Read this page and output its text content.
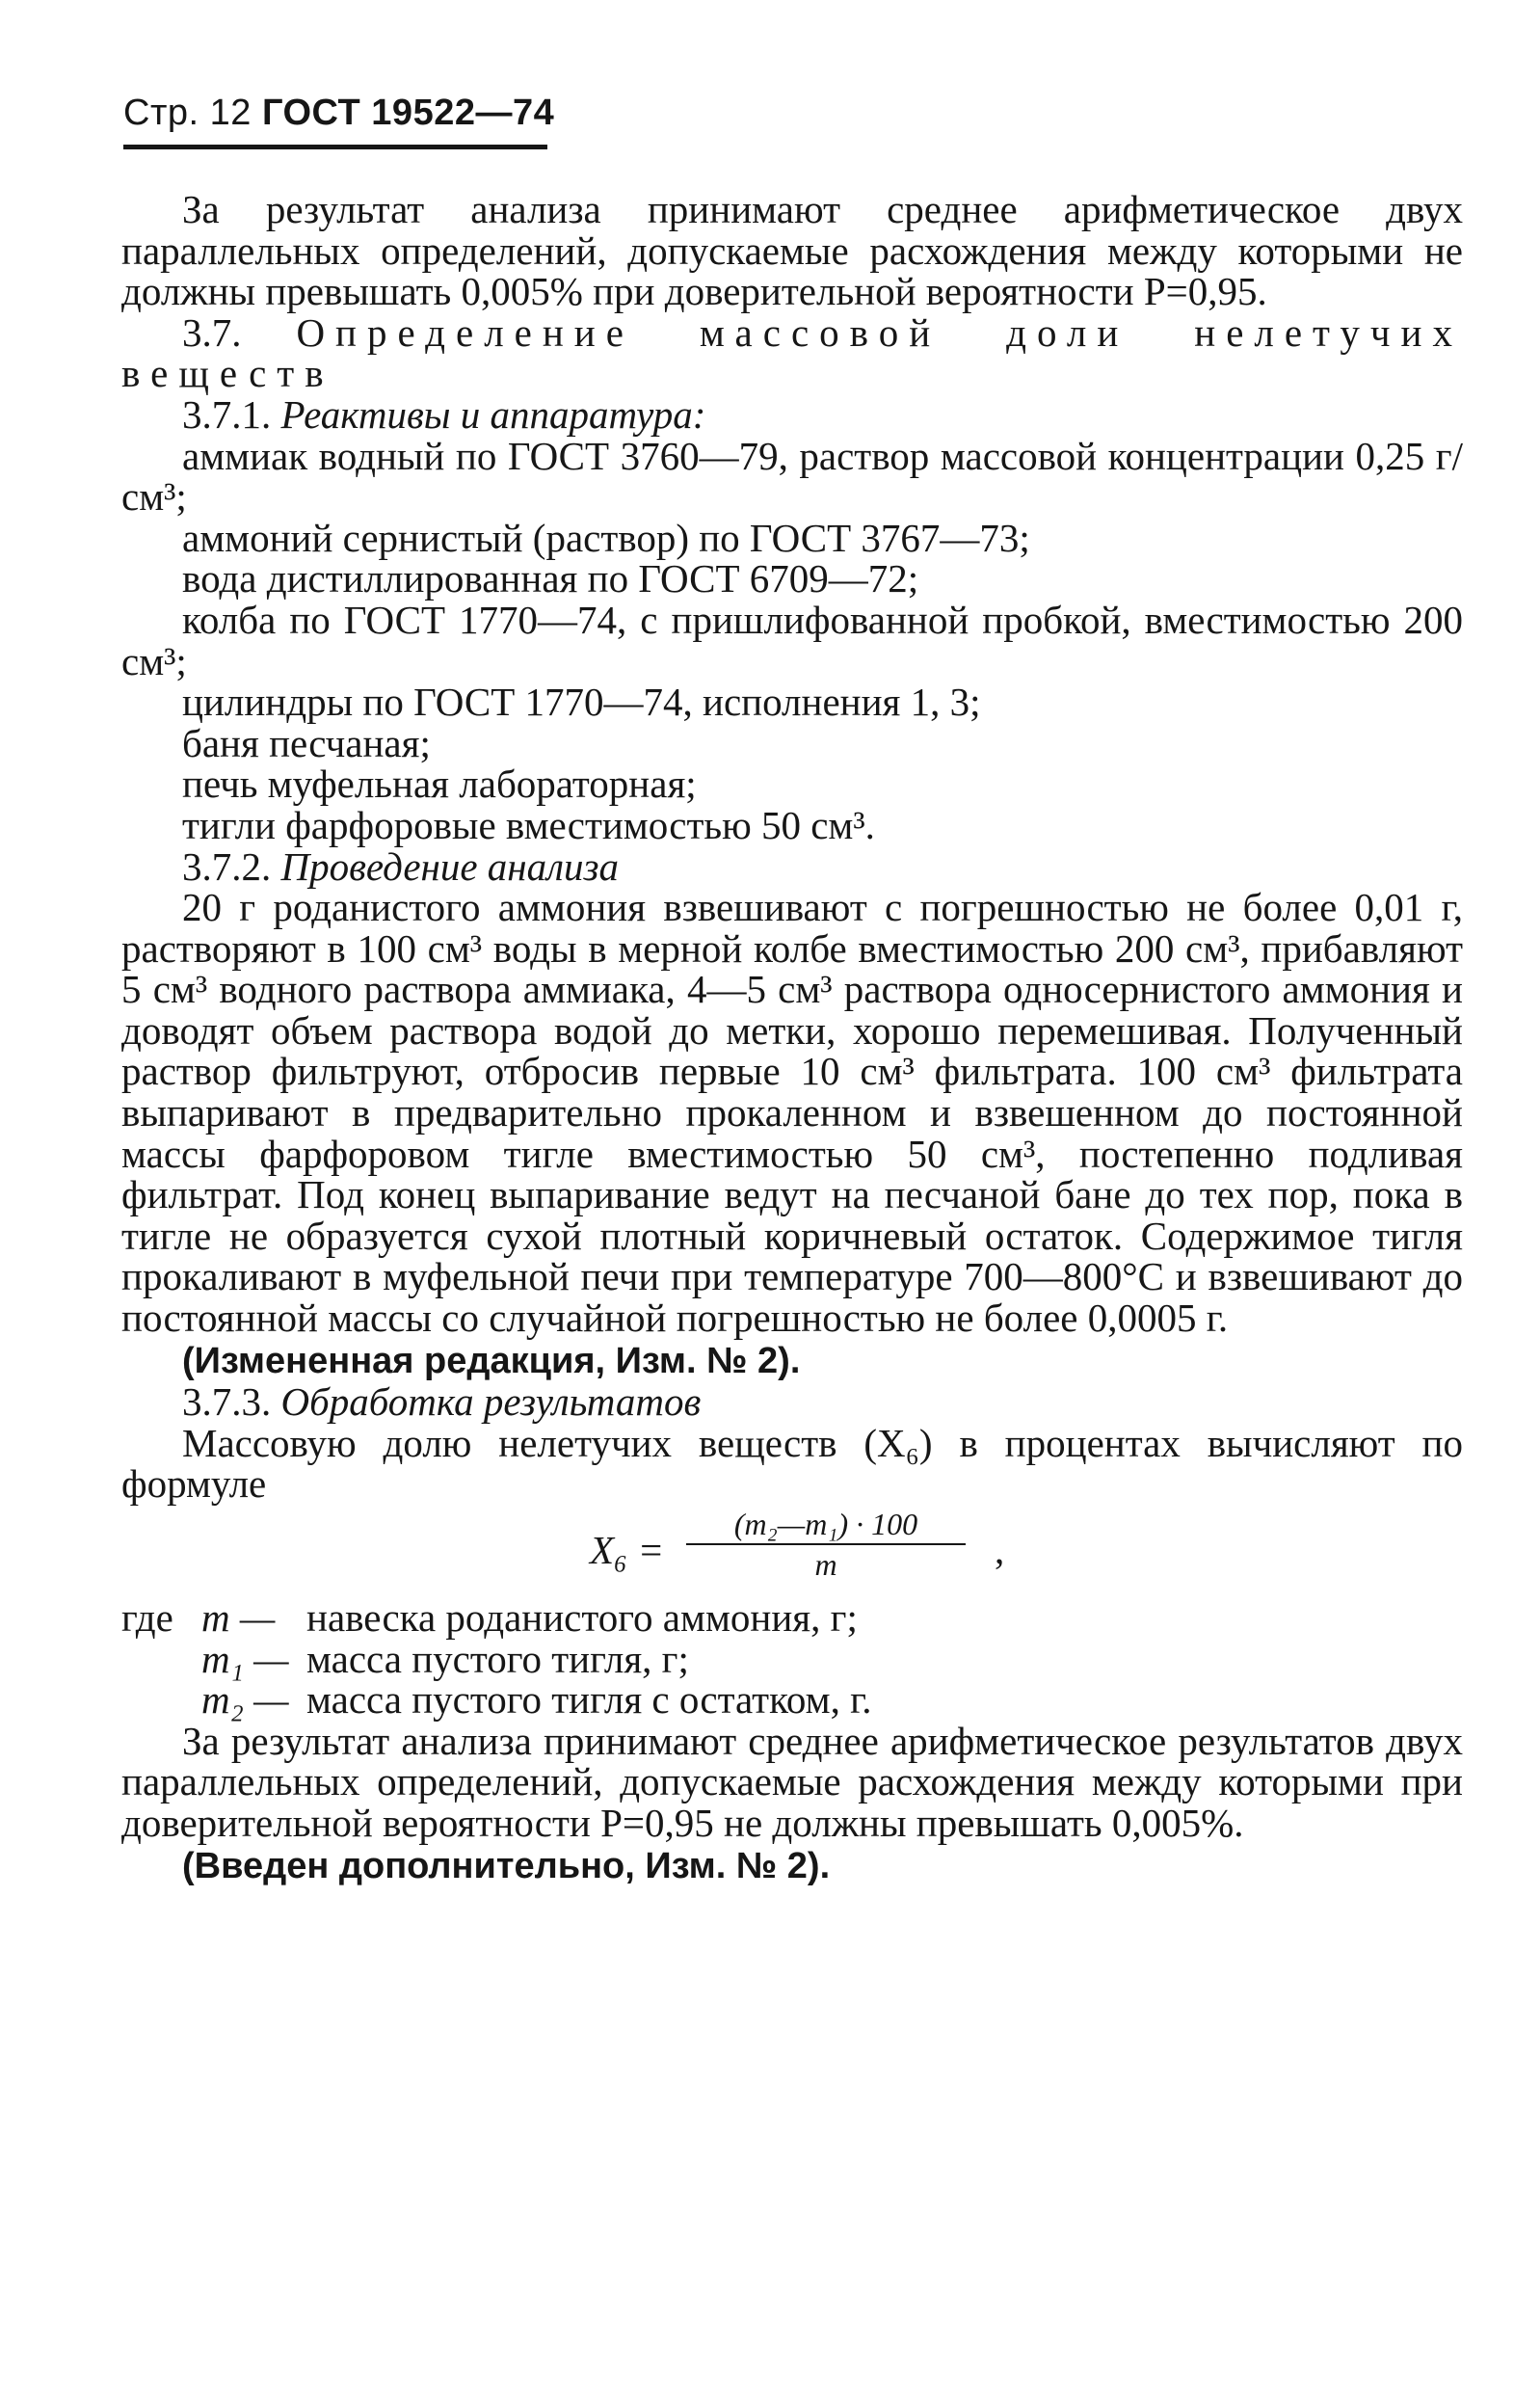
Стр. 12 ГОСТ 19522—74

За результат анализа принимают среднее арифметическое двух параллельных определений, допускаемые расхождения между которыми не должны превышать 0,005% при доверительной вероятности Р=0,95.

3.7. Определение массовой доли нелетучих веществ

3.7.1. Реактивы и аппаратура:

аммиак водный по ГОСТ 3760—79, раствор массовой концентрации 0,25 г/см³;

аммоний сернистый (раствор) по ГОСТ 3767—73;

вода дистиллированная по ГОСТ 6709—72;

колба по ГОСТ 1770—74, с пришлифованной пробкой, вместимостью 200 см³;

цилиндры по ГОСТ 1770—74, исполнения 1, 3;

баня песчаная;

печь муфельная лабораторная;

тигли фарфоровые вместимостью 50 см³.

3.7.2. Проведение анализа

20 г роданистого аммония взвешивают с погрешностью не более 0,01 г, растворяют в 100 см³ воды в мерной колбе вместимостью 200 см³, прибавляют 5 см³ водного раствора аммиака, 4—5 см³ раствора односернистого аммония и доводят объем раствора водой до метки, хорошо перемешивая. Полученный раствор фильтруют, отбросив первые 10 см³ фильтрата. 100 см³ фильтрата выпаривают в предварительно прокаленном и взвешенном до постоянной массы фарфоровом тигле вместимостью 50 см³, постепенно подливая фильтрат. Под конец выпаривание ведут на песчаной бане до тех пор, пока в тигле не образуется сухой плотный коричневый остаток. Содержимое тигля прокаливают в муфельной печи при температуре 700—800°С и взвешивают до постоянной массы со случайной погрешностью не более 0,0005 г.

(Измененная редакция, Изм. № 2).

3.7.3. Обработка результатов

Массовую долю нелетучих веществ (Х₆) в процентах вычисляют по формуле

$X_6 = \frac{\text{(m₂—m₁) · 100}}{m}$ ,
где m — навеска роданистого аммония, г;
m₁ — масса пустого тигля, г;
m₂ — масса пустого тигля с остатком, г.

За результат анализа принимают среднее арифметическое результатов двух параллельных определений, допускаемые расхождения между которыми при доверительной вероятности Р=0,95 не должны превышать 0,005%.

(Введен дополнительно, Изм. № 2).
